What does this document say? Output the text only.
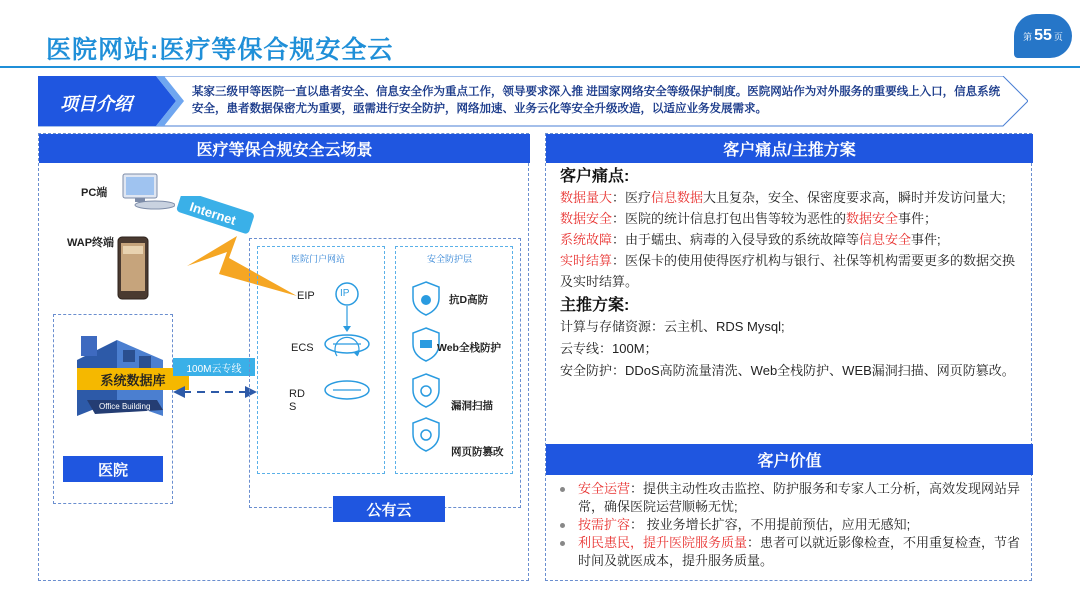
医院网站:医疗等保合规安全云	第 55 页
项目介绍
某家三级甲等医院一直以患者安全、信息安全作为重点工作，领导要求深入推 进国家网络安全等级保护制度。医院网站作为对外服务的重要线上入口，信息系统安全，患者数据保密尤为重要，亟需进行安全防护，网络加速、业务云化等安全升级改造，以适应业务发展需求。
医疗等保合规安全云场景
PC端
WAP终端
Internet
Office Building
系统数据库
医院
100M云专线
医院门户网站
EIP
ECS
RD S
IP
安全防护层
抗D高防
Web全栈防护
漏洞扫描
网页防篡改
公有云
客户痛点/主推方案
客户痛点:
数据量大：医疗信息数据大且复杂，安全、保密度要求高，瞬时并发访问量大;
数据安全：医院的统计信息打包出售等较为恶性的数据安全事件；
系统故障：由于蠕虫、病毒的入侵导致的系统故障等信息安全事件;
实时结算：医保卡的使用使得医疗机构与银行、社保等机构需要更多的数据交换及实时结算。
主推方案:
计算与存储资源：云主机、RDS Mysql;
云专线：100M；
安全防护：DDoS高防流量清洗、Web全栈防护、WEB漏洞扫描、网页防篡改。
客户价值
安全运营：提供主动性攻击监控、防护服务和专家人工分析，高效发现网站异常，确保医院运营顺畅无忧;
按需扩容： 按业务增长扩容，不用提前预估，应用无感知;
利民惠民，提升医院服务质量：患者可以就近影像检查，不用重复检查，节省时间及就医成本，提升服务质量。
